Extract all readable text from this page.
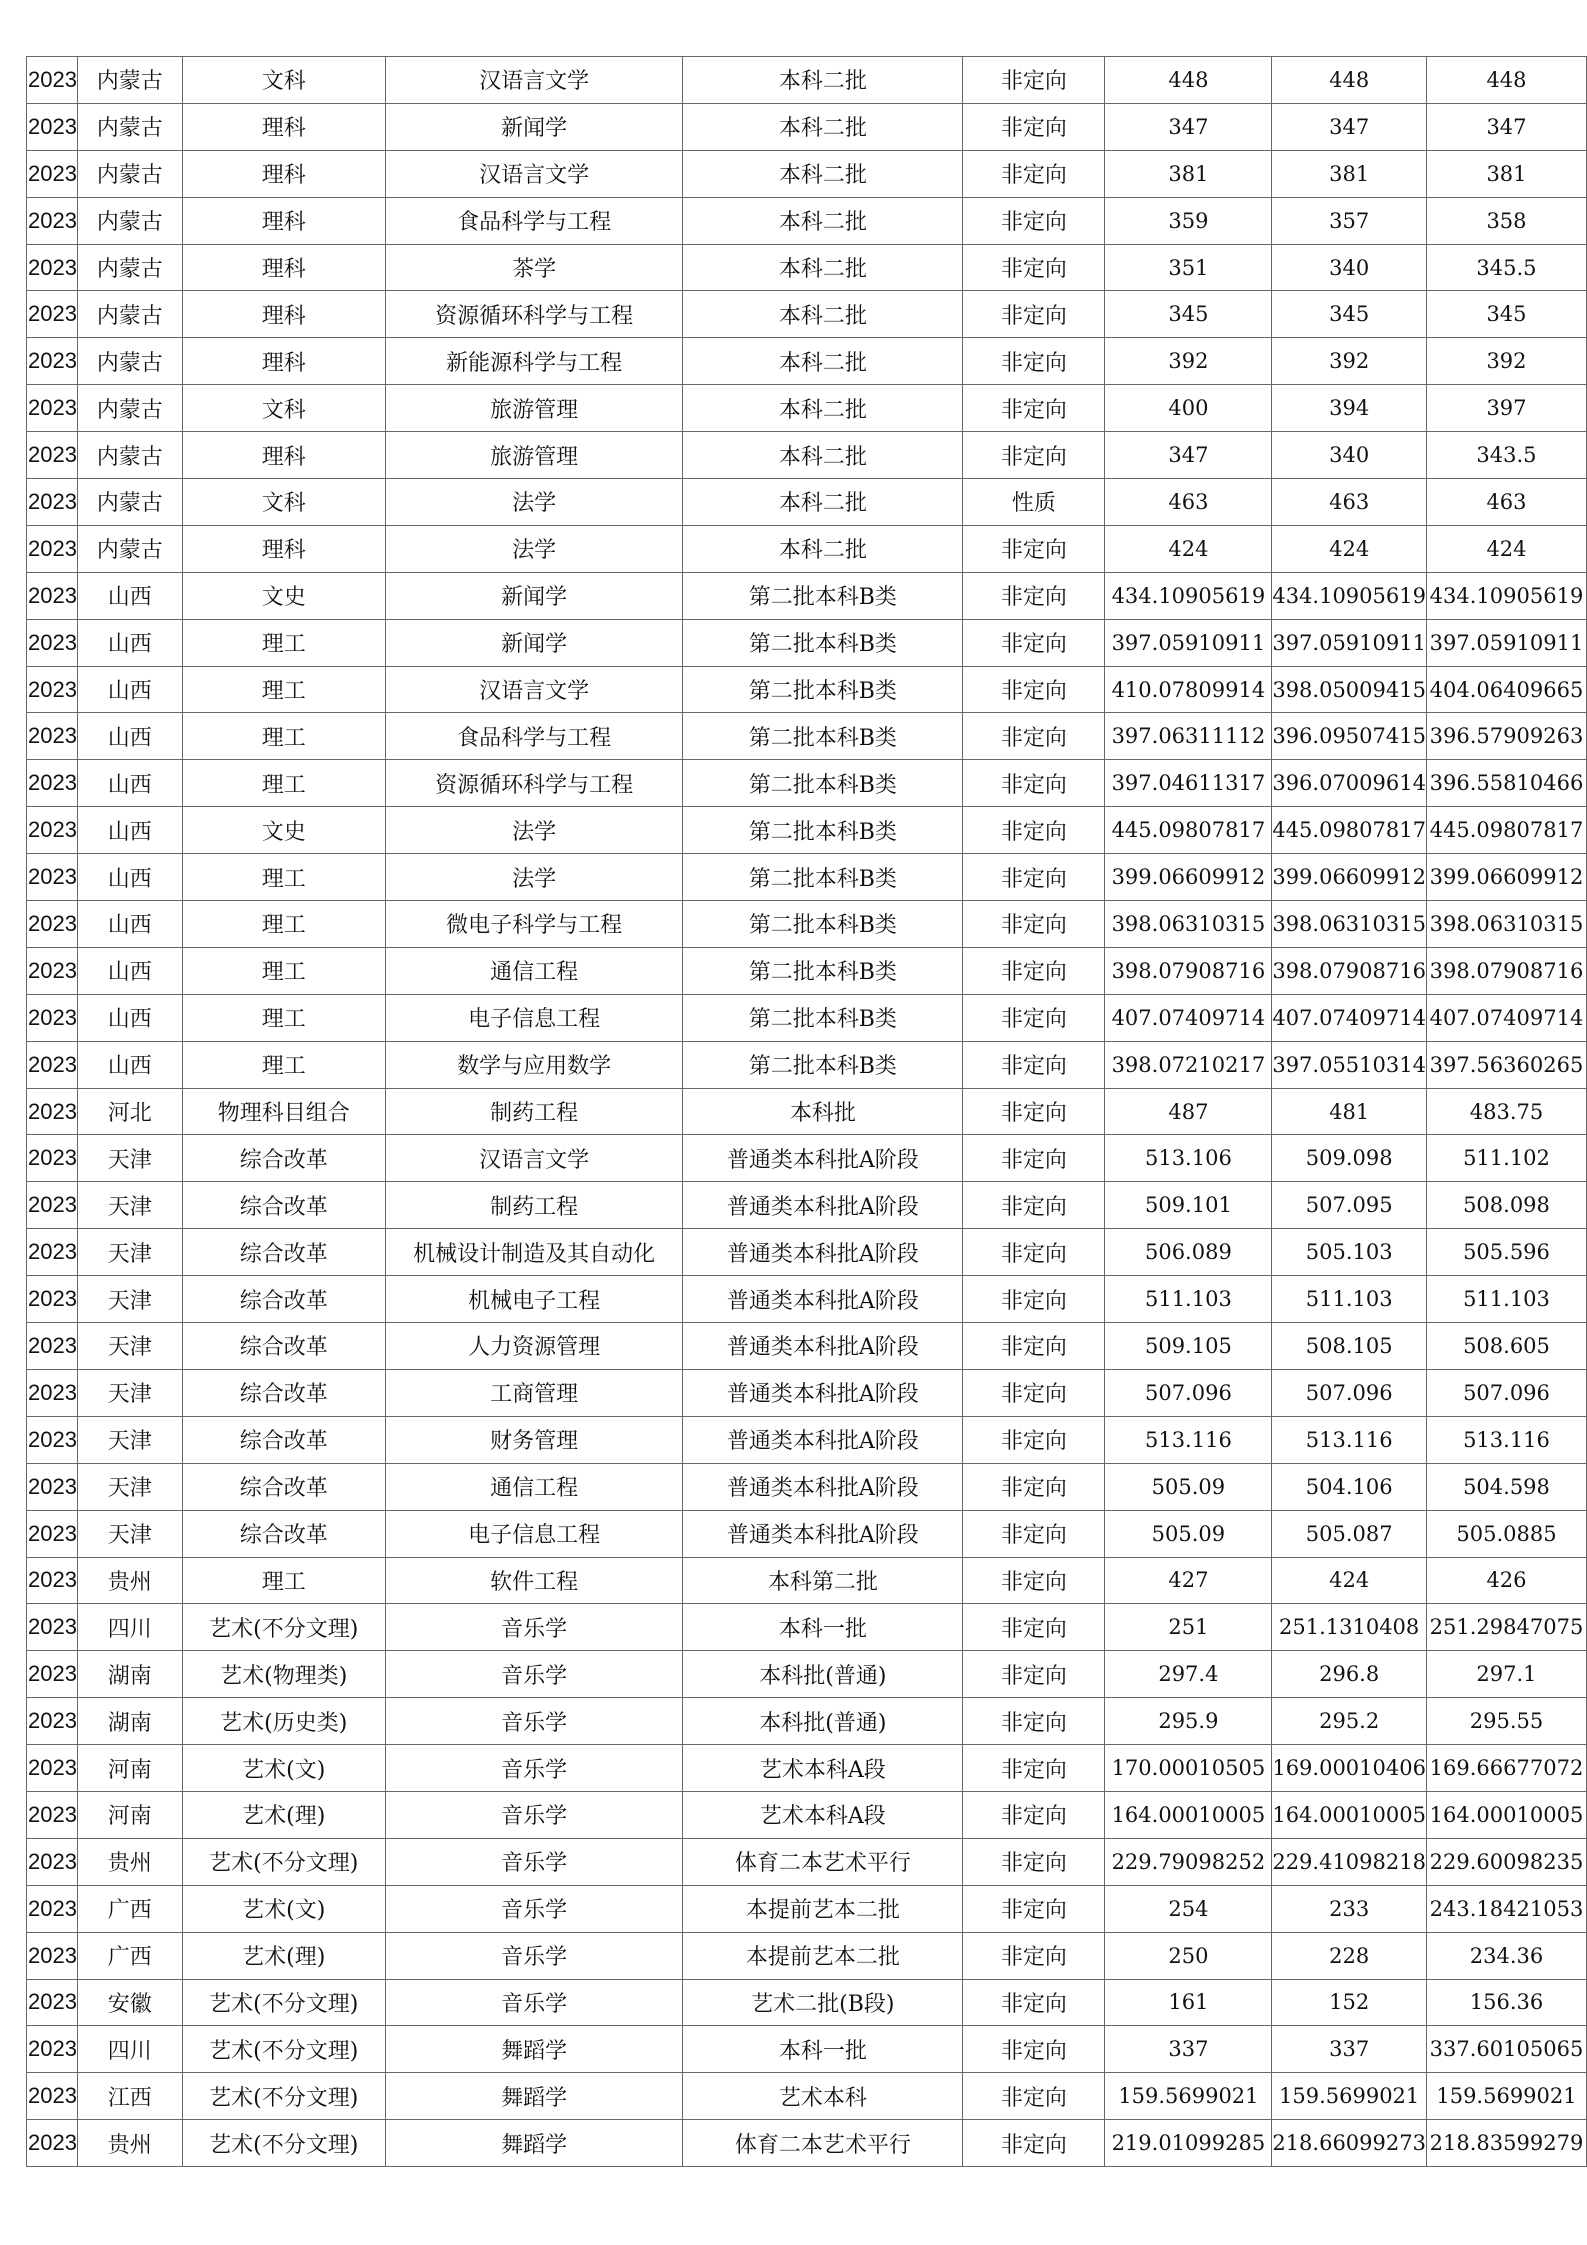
2023	内蒙古	文科	汉语言文学	本科二批	非定向	448	448	448
2023	内蒙古	理科	新闻学	本科二批	非定向	347	347	347
2023	内蒙古	理科	汉语言文学	本科二批	非定向	381	381	381
2023	内蒙古	理科	食品科学与工程	本科二批	非定向	359	357	358
2023	内蒙古	理科	茶学	本科二批	非定向	351	340	345.5
2023	内蒙古	理科	资源循环科学与工程	本科二批	非定向	345	345	345
2023	内蒙古	理科	新能源科学与工程	本科二批	非定向	392	392	392
2023	内蒙古	文科	旅游管理	本科二批	非定向	400	394	397
2023	内蒙古	理科	旅游管理	本科二批	非定向	347	340	343.5
2023	内蒙古	文科	法学	本科二批	性质	463	463	463
2023	内蒙古	理科	法学	本科二批	非定向	424	424	424
2023	山西	文史	新闻学	第二批本科B类	非定向	434.10905619	434.10905619	434.10905619
2023	山西	理工	新闻学	第二批本科B类	非定向	397.05910911	397.05910911	397.05910911
2023	山西	理工	汉语言文学	第二批本科B类	非定向	410.07809914	398.05009415	404.06409665
2023	山西	理工	食品科学与工程	第二批本科B类	非定向	397.06311112	396.09507415	396.57909263
2023	山西	理工	资源循环科学与工程	第二批本科B类	非定向	397.04611317	396.07009614	396.55810466
2023	山西	文史	法学	第二批本科B类	非定向	445.09807817	445.09807817	445.09807817
2023	山西	理工	法学	第二批本科B类	非定向	399.06609912	399.06609912	399.06609912
2023	山西	理工	微电子科学与工程	第二批本科B类	非定向	398.06310315	398.06310315	398.06310315
2023	山西	理工	通信工程	第二批本科B类	非定向	398.07908716	398.07908716	398.07908716
2023	山西	理工	电子信息工程	第二批本科B类	非定向	407.07409714	407.07409714	407.07409714
2023	山西	理工	数学与应用数学	第二批本科B类	非定向	398.07210217	397.05510314	397.56360265
2023	河北	物理科目组合	制药工程	本科批	非定向	487	481	483.75
2023	天津	综合改革	汉语言文学	普通类本科批A阶段	非定向	513.106	509.098	511.102
2023	天津	综合改革	制药工程	普通类本科批A阶段	非定向	509.101	507.095	508.098
2023	天津	综合改革	机械设计制造及其自动化	普通类本科批A阶段	非定向	506.089	505.103	505.596
2023	天津	综合改革	机械电子工程	普通类本科批A阶段	非定向	511.103	511.103	511.103
2023	天津	综合改革	人力资源管理	普通类本科批A阶段	非定向	509.105	508.105	508.605
2023	天津	综合改革	工商管理	普通类本科批A阶段	非定向	507.096	507.096	507.096
2023	天津	综合改革	财务管理	普通类本科批A阶段	非定向	513.116	513.116	513.116
2023	天津	综合改革	通信工程	普通类本科批A阶段	非定向	505.09	504.106	504.598
2023	天津	综合改革	电子信息工程	普通类本科批A阶段	非定向	505.09	505.087	505.0885
2023	贵州	理工	软件工程	本科第二批	非定向	427	424	426
2023	四川	艺术(不分文理)	音乐学	本科一批	非定向	251	251.1310408	251.29847075
2023	湖南	艺术(物理类)	音乐学	本科批(普通)	非定向	297.4	296.8	297.1
2023	湖南	艺术(历史类)	音乐学	本科批(普通)	非定向	295.9	295.2	295.55
2023	河南	艺术(文)	音乐学	艺术本科A段	非定向	170.00010505	169.00010406	169.66677072
2023	河南	艺术(理)	音乐学	艺术本科A段	非定向	164.00010005	164.00010005	164.00010005
2023	贵州	艺术(不分文理)	音乐学	体育二本艺术平行	非定向	229.79098252	229.41098218	229.60098235
2023	广西	艺术(文)	音乐学	本提前艺本二批	非定向	254	233	243.18421053
2023	广西	艺术(理)	音乐学	本提前艺本二批	非定向	250	228	234.36
2023	安徽	艺术(不分文理)	音乐学	艺术二批(B段)	非定向	161	152	156.36
2023	四川	艺术(不分文理)	舞蹈学	本科一批	非定向	337	337	337.60105065
2023	江西	艺术(不分文理)	舞蹈学	艺术本科	非定向	159.5699021	159.5699021	159.5699021
2023	贵州	艺术(不分文理)	舞蹈学	体育二本艺术平行	非定向	219.01099285	218.66099273	218.83599279
